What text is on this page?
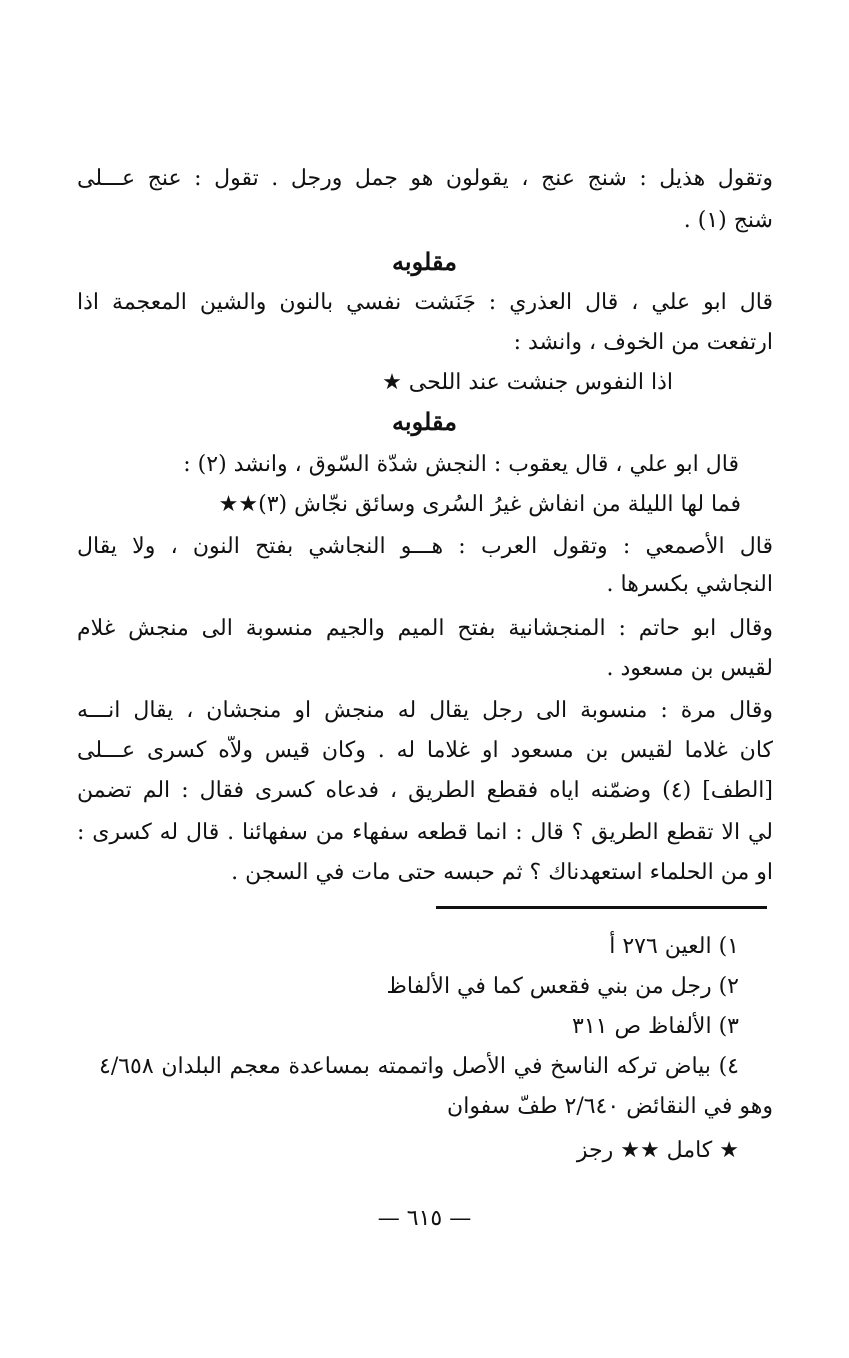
وتقول هذيل : شنج عنج ، يقولون هو جمل ورجل . تقول : عنج عـــلى
شنج (١) .
مقلوبه
قال ابو علي ، قال العذري : جَنَشت نفسي بالنون والشين المعجمة اذا
ارتفعت من الخوف ، وانشد :
اذا النفوس جنشت عند اللحى ★
مقلوبه
قال ابو علي ، قال يعقوب : النجش شدّة السّوق ، وانشد (٢) :
فما لها الليلة من انفاش غيرُ السُرى وسائق نجّاش (٣)★★
قال الأصمعي : وتقول العرب : هـــو النجاشي بفتح النون ، ولا يقال
النجاشي بكسرها .
وقال ابو حاتم : المنجشانية بفتح الميم والجيم منسوبة الى منجش غلام
لقيس بن مسعود .
وقال مرة : منسوبة الى رجل يقال له منجش او منجشان ، يقال انـــه
كان غلاما لقيس بن مسعود او غلاما له . وكان قيس ولاّه كسرى عـــلى
[الطف] (٤) وضمّنه اياه فقطع الطريق ، فدعاه كسرى فقال : الم تضمن
لي الا تقطع الطريق ؟ قال : انما قطعه سفهاء من سفهائنا . قال له كسرى :
او من الحلماء استعهدناك ؟ ثم حبسه حتى مات في السجن .
١) العين ٢٧٦ أ
٢) رجل من بني فقعس كما في الألفاظ
٣) الألفاظ ص ٣١١
٤) بياض تركه الناسخ في الأصل واتممته بمساعدة معجم البلدان ٤/٦٥٨
وهو في النقائض ٢/٦٤٠ طفّ سفوان
★ كامل ★★ رجز
— ٦١٥ —
